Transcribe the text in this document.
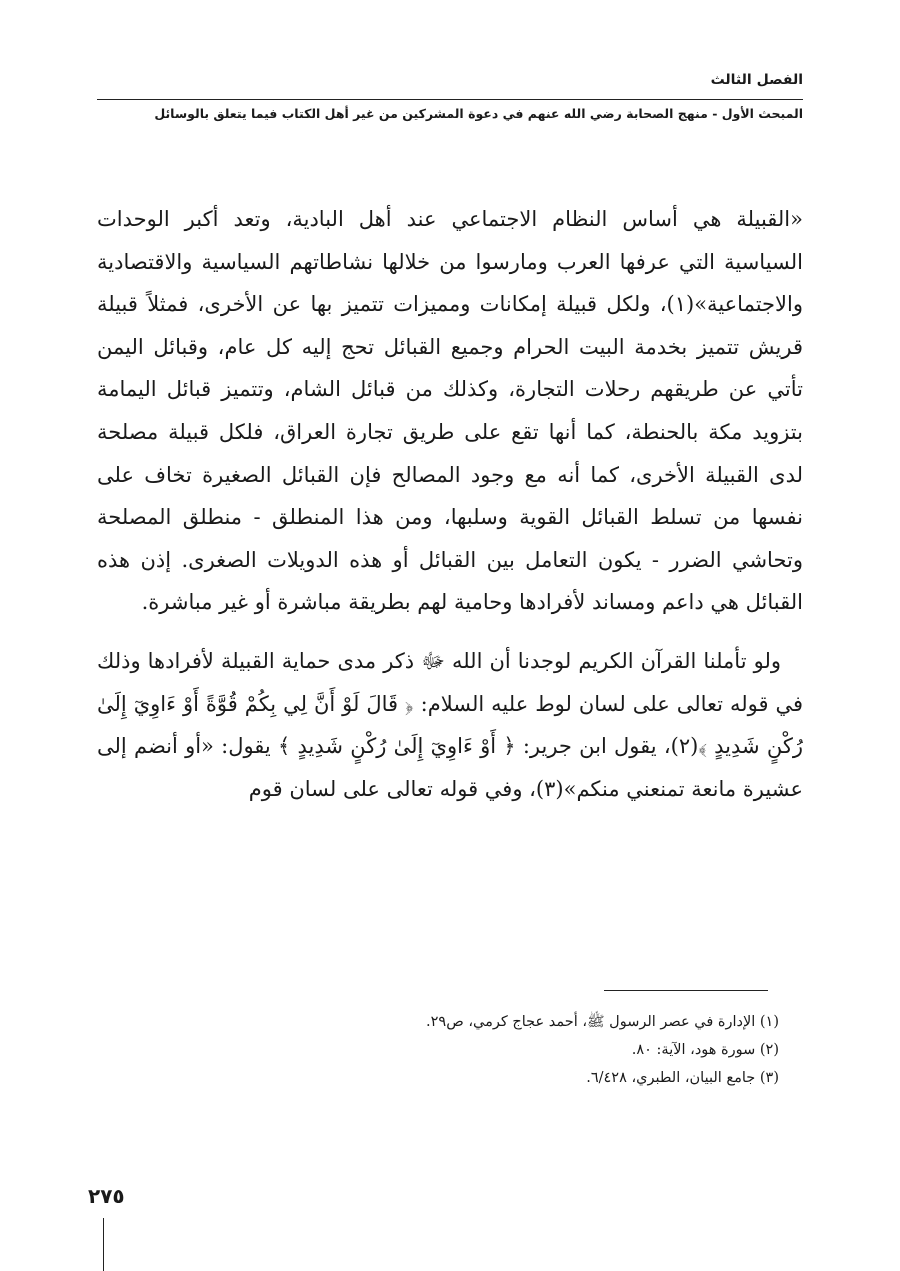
الفصل الثالث
المبحث الأول - منهج الصحابة رضي الله عنهم في دعوة المشركين من غير أهل الكتاب فيما يتعلق بالوسائل

«القبيلة هي أساس النظام الاجتماعي عند أهل البادية، وتعد أكبر الوحدات السياسية التي عرفها العرب ومارسوا من خلالها نشاطاتهم السياسية والاقتصادية والاجتماعية»(١)، ولكل قبيلة إمكانات ومميزات تتميز بها عن الأخرى، فمثلاً قبيلة قريش تتميز بخدمة البيت الحرام وجميع القبائل تحج إليه كل عام، وقبائل اليمن تأتي عن طريقهم رحلات التجارة، وكذلك من قبائل الشام، وتتميز قبائل اليمامة بتزويد مكة بالحنطة، كما أنها تقع على طريق تجارة العراق، فلكل قبيلة مصلحة لدى القبيلة الأخرى، كما أنه مع وجود المصالح فإن القبائل الصغيرة تخاف على نفسها من تسلط القبائل القوية وسلبها، ومن هذا المنطلق - منطلق المصلحة وتحاشي الضرر - يكون التعامل بين القبائل أو هذه الدويلات الصغرى. إذن هذه القبائل هي داعم ومساند لأفرادها وحامية لهم بطريقة مباشرة أو غير مباشرة.

ولو تأملنا القرآن الكريم لوجدنا أن الله ﷻ ذكر مدى حماية القبيلة لأفرادها وذلك في قوله تعالى على لسان لوط عليه السلام: ﴿ قَالَ لَوْ أَنَّ لِي بِكُمْ قُوَّةً أَوْ ءَاوِيٓ إِلَىٰ رُكْنٍ شَدِيدٍ ﴾(٢)، يقول ابن جرير: ﴿ أَوْ ءَاوِيٓ إِلَىٰ رُكْنٍ شَدِيدٍ ﴾ يقول: «أو أنضم إلى عشيرة مانعة تمنعني منكم»(٣)، وفي قوله تعالى على لسان قوم

(١) الإدارة في عصر الرسول ﷺ، أحمد عجاج كرمي، ص٢٩.
(٢) سورة هود، الآية: ٨٠.
(٣) جامع البيان، الطبري، ٦/٤٢٨.
٢٧٥
